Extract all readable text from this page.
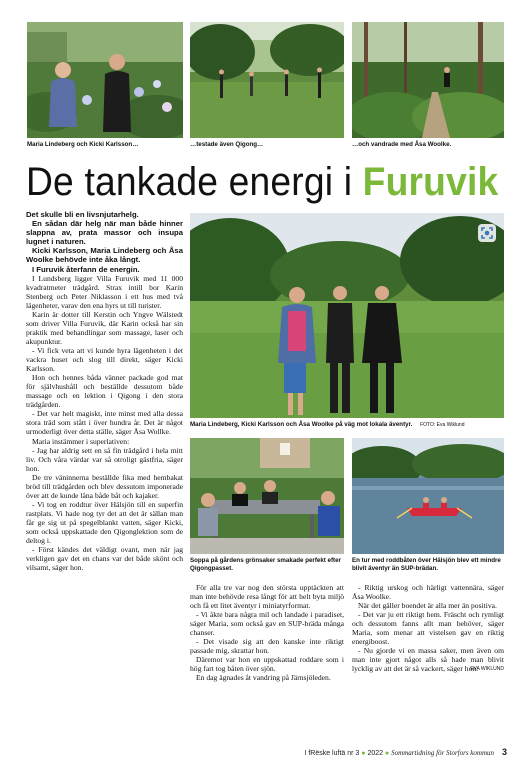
Maria Lindeberg och Kicki Karlsson…	…testade även Qigong…	…och vandrade med Åsa Woolke.

De tankade energi i Furuvik

Det skulle bli en livsnjutarhelg.

En sådan där helg när man både hinner slappna av, prata massor och insupa lugnet i naturen.

Kicki Karlsson, Maria Lindeberg och Åsa Woolke behövde inte åka långt.

I Furuvik återfann de energin.

I Lundsberg ligger Villa Furuvik med 11 000 kvadratmeter trädgård. Strax intill bor Karin Stenberg och Peter Niklasson i ett hus med två lägenheter, varav den ena hyrs ut till turister.

Karin är dotter till Kerstin och Yngve Wälstedt som driver Villa Furuvik, där Karin också har sin praktik med behandlingar som massage, laser och akupunktur.

- Vi fick veta att vi kunde hyra lägenheten i det vackra huset och slog till direkt, säger Kicki Karlsson.

Hon och hennes båda vänner packade god mat för självhushåll och beställde dessutom både massage och en lektion i Qigong i den stora trädgården.

- Det var helt magiskt, inte minst med alla dessa stora träd som stått i över hundra år. Det är något urmoderligt över detta ställe, säger Åsa Wollke.

Maria instämmer i superlativen:

- Jag har aldrig sett en så fin trädgård i hela mitt liv. Och våra värdar var så otroligt gästfria, säger hon.

De tre väninnerna beställde fika med hembakat bröd till trädgården och blev dessutom imponerade över att de kunde låna både båt och kajaker.

- Vi tog en roddtur över Hälsjön till en superfin rastplats. Vi hade nog tyr det att det är sällan man får ge sig ut på spegelblankt vatten, säger Kicki, som också uppskattade den Qigonglektion som de deltog i.

- Först kändes det väldigt ovant, men när jag verkligen gav det en chans var det både skönt och vilsamt, säger hon.

Maria Lindeberg, Kicki Karlsson och Åsa Woolke på väg mot lokala äventyr. FOTO: Eva Wiklund

Soppa på gårdens grönsaker smakade perfekt efter Qigongpasset.

En tur med roddbåten över Hälsjön blev ett mindre blivit äventyr än SUP-brädan.

För alla tre var nog den största upptäckten att man inte behövde resa långt för att helt byta miljö och få ett litet äventyr i miniatyrformat.

- Vi åkte bara några mil och landade i paradiset, säger Maria, som också gav en SUP-bräda många chanser.

- Det visade sig att den kanske inte riktigt passade mig, skrattar hon.

Däremot var hon en uppskattad roddare som i hög fart tog båten över sjön.

En dag ägnades åt vandring på Järnsjöleden.

- Riktig urskog och härligt vattennära, säger Åsa Woolke.

När det gäller boendet är alla mer än positiva.

- Det var ju ett riktigt hem. Fräscht och rymligt och dessutom fanns allt man behöver, säger Maria, som menar att vistelsen gav en riktig energiboost.

- Nu gjorde vi en massa saker, men även om man inte gjort något alls så hade man blivit lycklig av att det är så vackert, säger hon.

EVA WIKLUND
I fRëske luftä nr 3 ● 2022 ● Sommartidning för Storfors kommun 3
